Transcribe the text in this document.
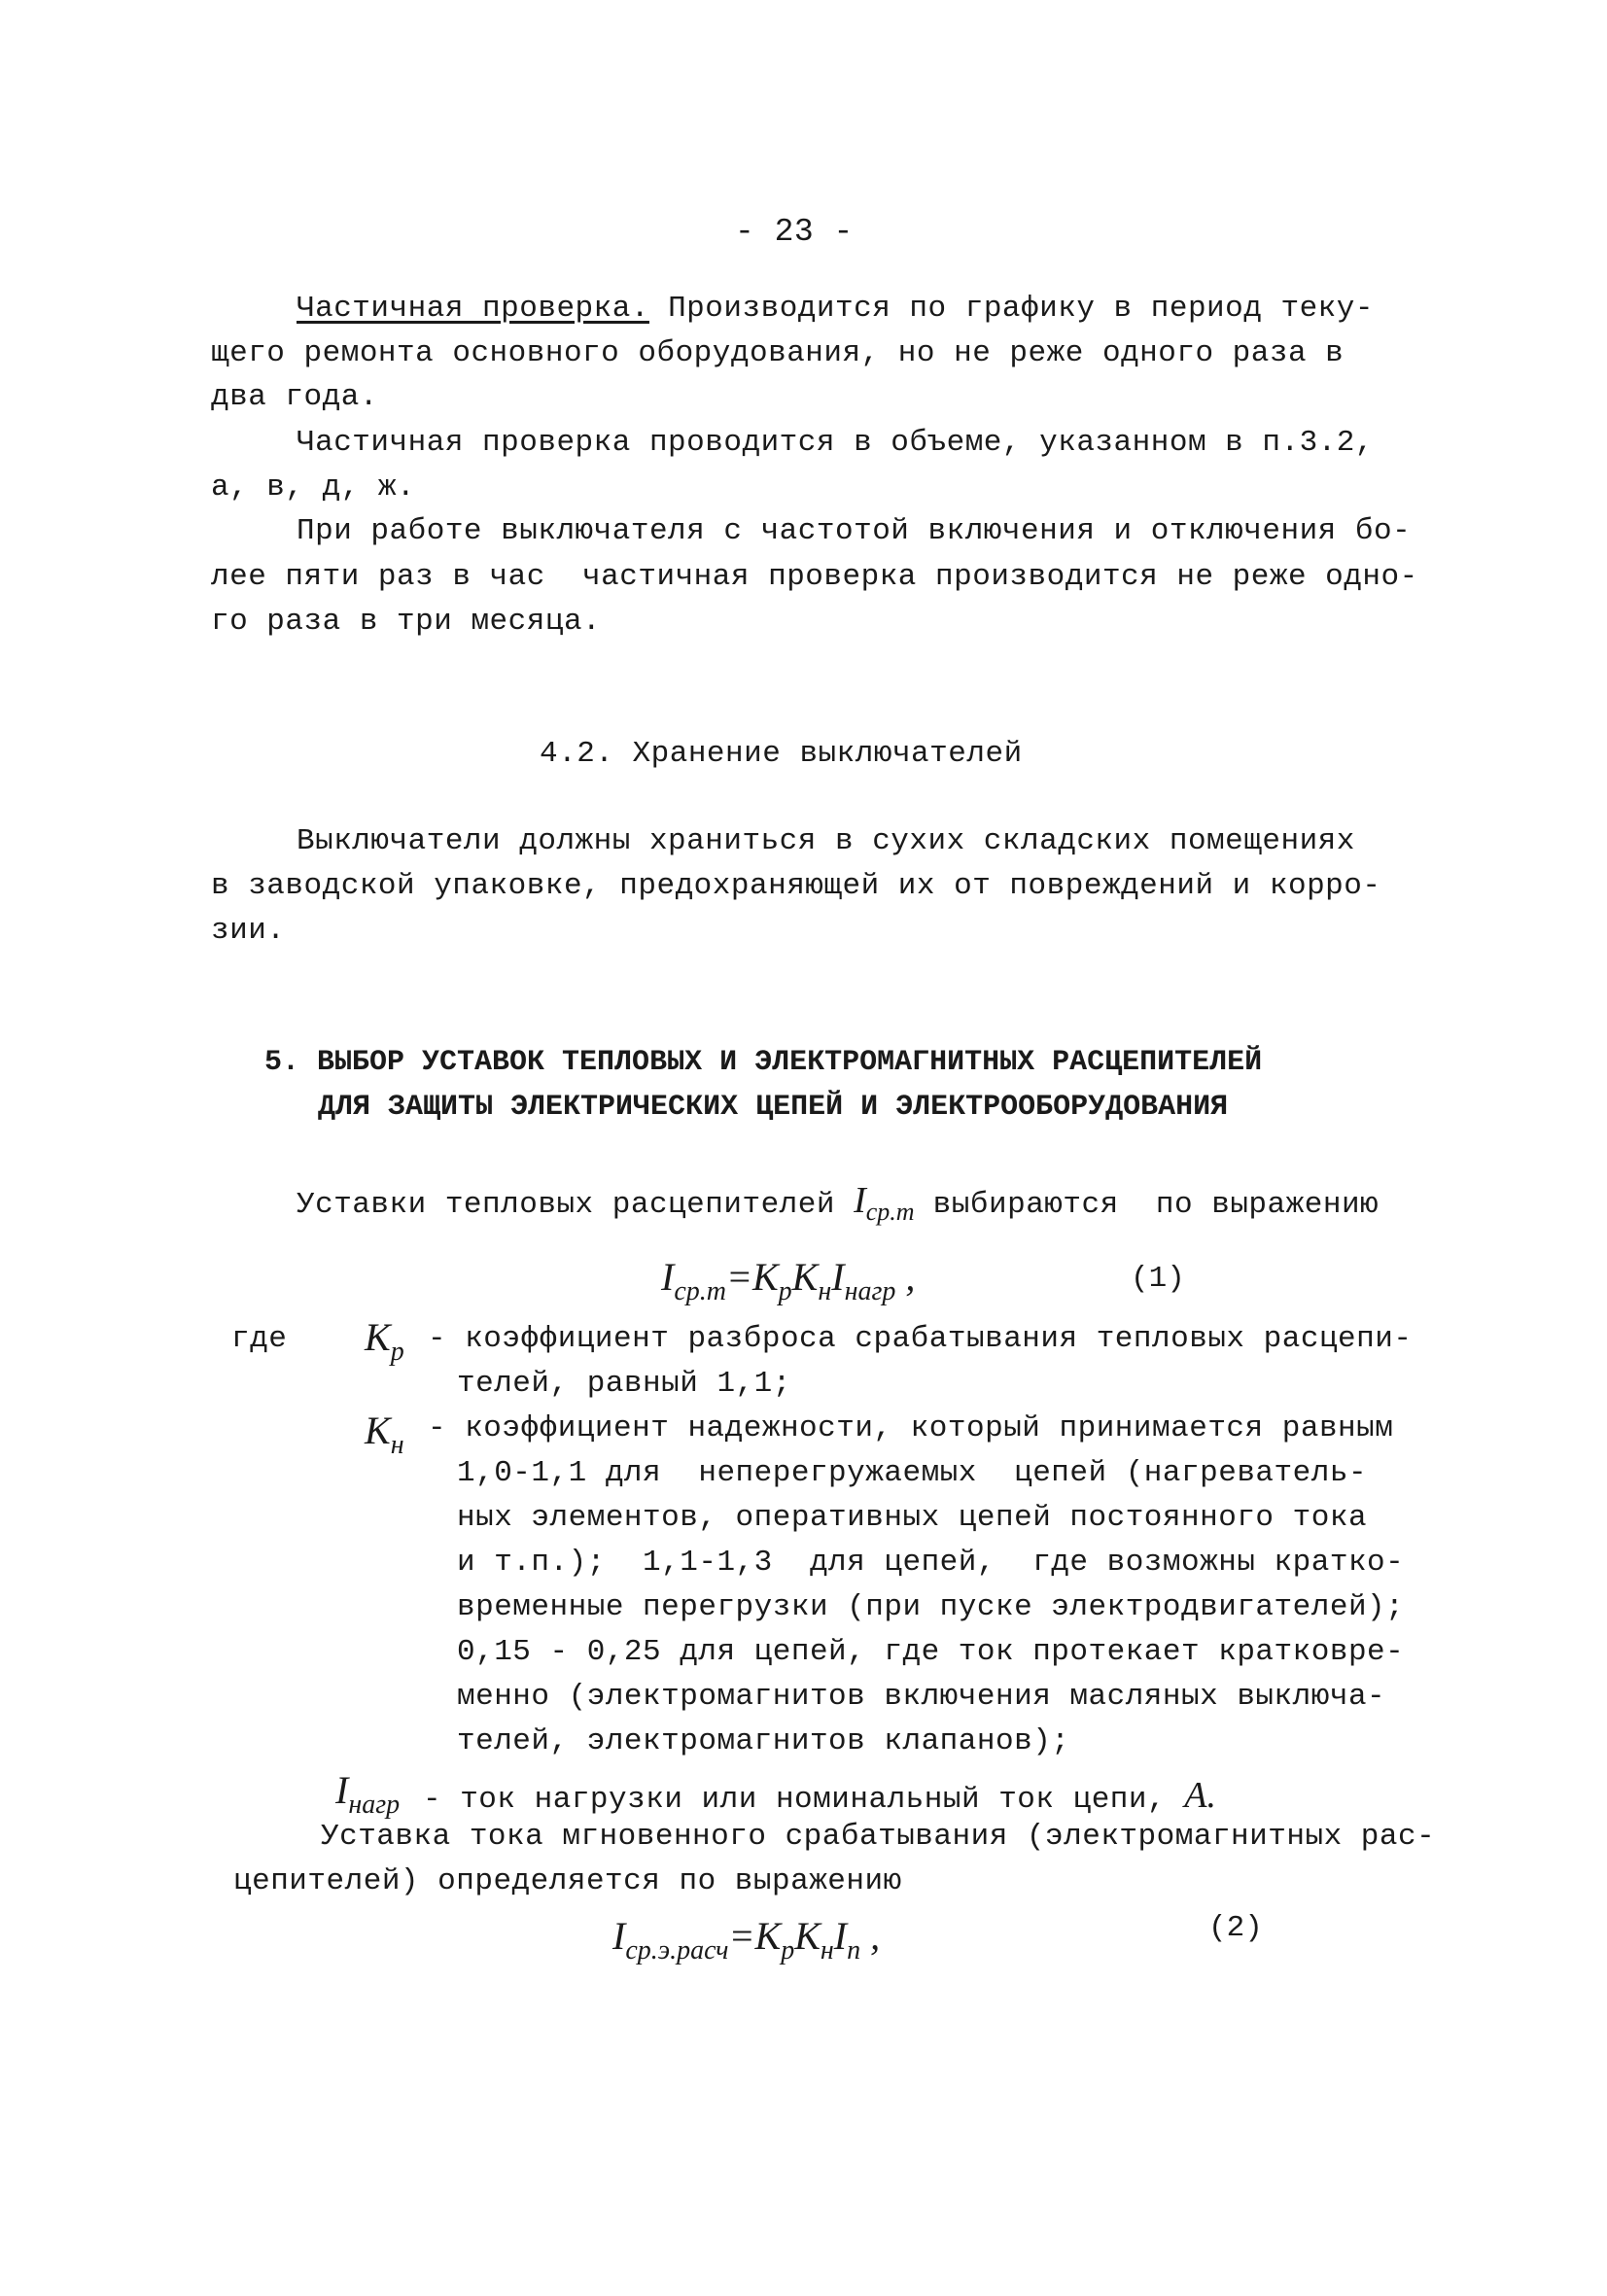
- 23 -
Частичная проверка. Производится по графику в период теку-
щего ремонта основного оборудования, но не реже одного раза в
два года.
Частичная проверка проводится в объеме, указанном в п.3.2,
а, в, д, ж.
При работе выключателя с частотой включения и отключения бо-
лее пяти раз в час  частичная проверка производится не реже одно-
го раза в три месяца.
4.2. Хранение выключателей
Выключатели должны храниться в сухих складских помещениях
в заводской упаковке, предохраняющей их от повреждений и корро-
зии.
5. ВЫБОР УСТАВОК ТЕПЛОВЫХ И ЭЛЕКТРОМАГНИТНЫХ РАСЦЕПИТЕЛЕЙ
ДЛЯ ЗАЩИТЫ ЭЛЕКТРИЧЕСКИХ ЦЕПЕЙ И ЭЛЕКТРООБОРУДОВАНИЯ
Уставки тепловых расцепителей $I_{ср.т}$ выбираются  по выражению
$I_{ср.т}=K_рK_нI_{нагр}$ ,	(1)
где $K_р$ - коэффициент разброса срабатывания тепловых расцепи-
телей, равный 1,1;
$K_н$ - коэффициент надежности, который принимается равным
1,0-1,1 для  неперегружаемых  цепей (нагреватель-
ных элементов, оперативных цепей постоянного тока
и т.п.);  1,1-1,3  для цепей,  где возможны кратко-
временные перегрузки (при пуске электродвигателей);
0,15 - 0,25 для цепей, где ток протекает кратковре-
менно (электромагнитов включения масляных выключа-
телей, электромагнитов клапанов);
$I_{нагр}$ - ток нагрузки или номинальный ток цепи, А.
Уставка тока мгновенного срабатывания (электромагнитных рас-
цепителей) определяется по выражению
$I_{ср.э.расч}=K_рK_нI_п$ ,	(2)
